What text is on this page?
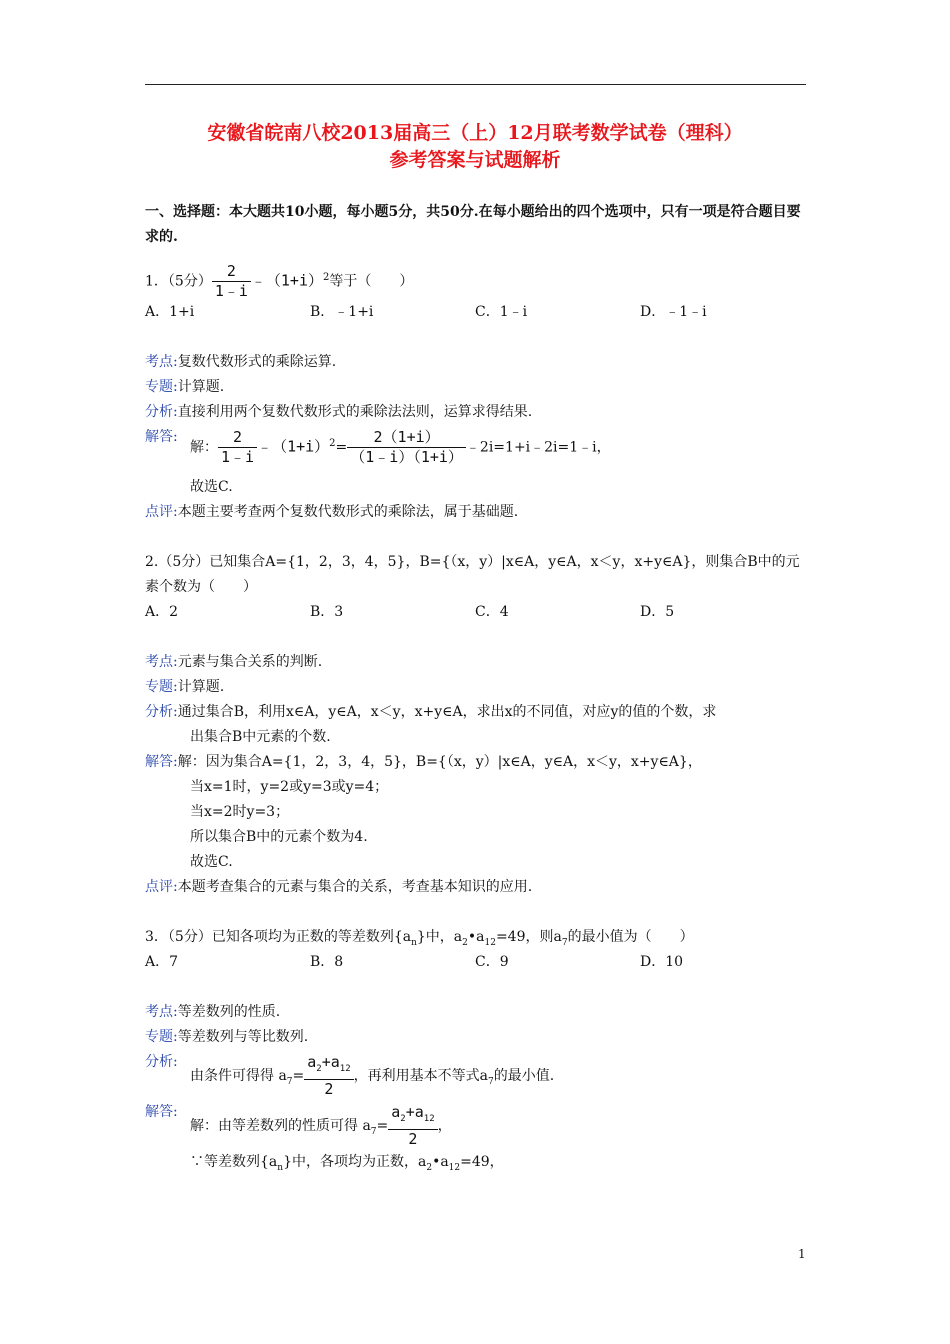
安徽省皖南八校2013届高三（上）12月联考数学试卷（理科）
参考答案与试题解析
一、选择题：本大题共10小题，每小题5分，共50分.在每小题给出的四个选项中，只有一项是符合题目要求的.
1．（5分） $\frac{2}{1﹣i}$ $﹣(1+i)^2$等于（　　）
A．1+i	B．﹣1+i	C．1﹣i	D．﹣1﹣i
考点:复数代数形式的乘除运算.
专题:计算题.
分析:直接利用两个复数代数形式的乘除法法则，运算求得结果.
解答:
解： $\frac{2}{1﹣i}$ $﹣(1+i)^2= \frac{2(1+i)}{(1﹣i)(1+i)}$ ﹣2i=1+i﹣2i=1﹣i，
故选C.
点评:本题主要考查两个复数代数形式的乘除法，属于基础题.
2.（5分）已知集合A={1，2，3，4，5}，B={（x，y）|x∈A，y∈A，x＜y，x+y∈A}，则集合B中的元
素个数为（　　）
A．2	B．3	C．4	D．5
考点:元素与集合关系的判断.
专题:计算题.
分析:通过集合B，利用x∈A，y∈A，x＜y，x+y∈A，求出x的不同值，对应y的值的个数，求
出集合B中元素的个数.
解答:解：因为集合A={1，2，3，4，5}，B={（x，y）|x∈A，y∈A，x＜y，x+y∈A}，
当x=1时，y=2或y=3或y=4；
当x=2时y=3；
所以集合B中的元素个数为4.
故选C.
点评:本题考查集合的元素与集合的关系，考查基本知识的应用.
3．（5分）已知各项均为正数的等差数列$\{a_n\}$中，$a_2•a_{12}=49$，则$a_7$的最小值为（　　）
A．7	B．8	C．9	D．10
考点:等差数列的性质.
专题:等差数列与等比数列.
分析:
由条件可得得 $a_7= \frac{a_2+a_{12}}{2}$ ，再利用基本不等式$a_7$的最小值.
解答:
解：由等差数列的性质可得 $a_7= \frac{a_2+a_{12}}{2}$ ，
∵等差数列$\{a_n\}$中，各项均为正数，$a_2•a_{12}=49$，
1
